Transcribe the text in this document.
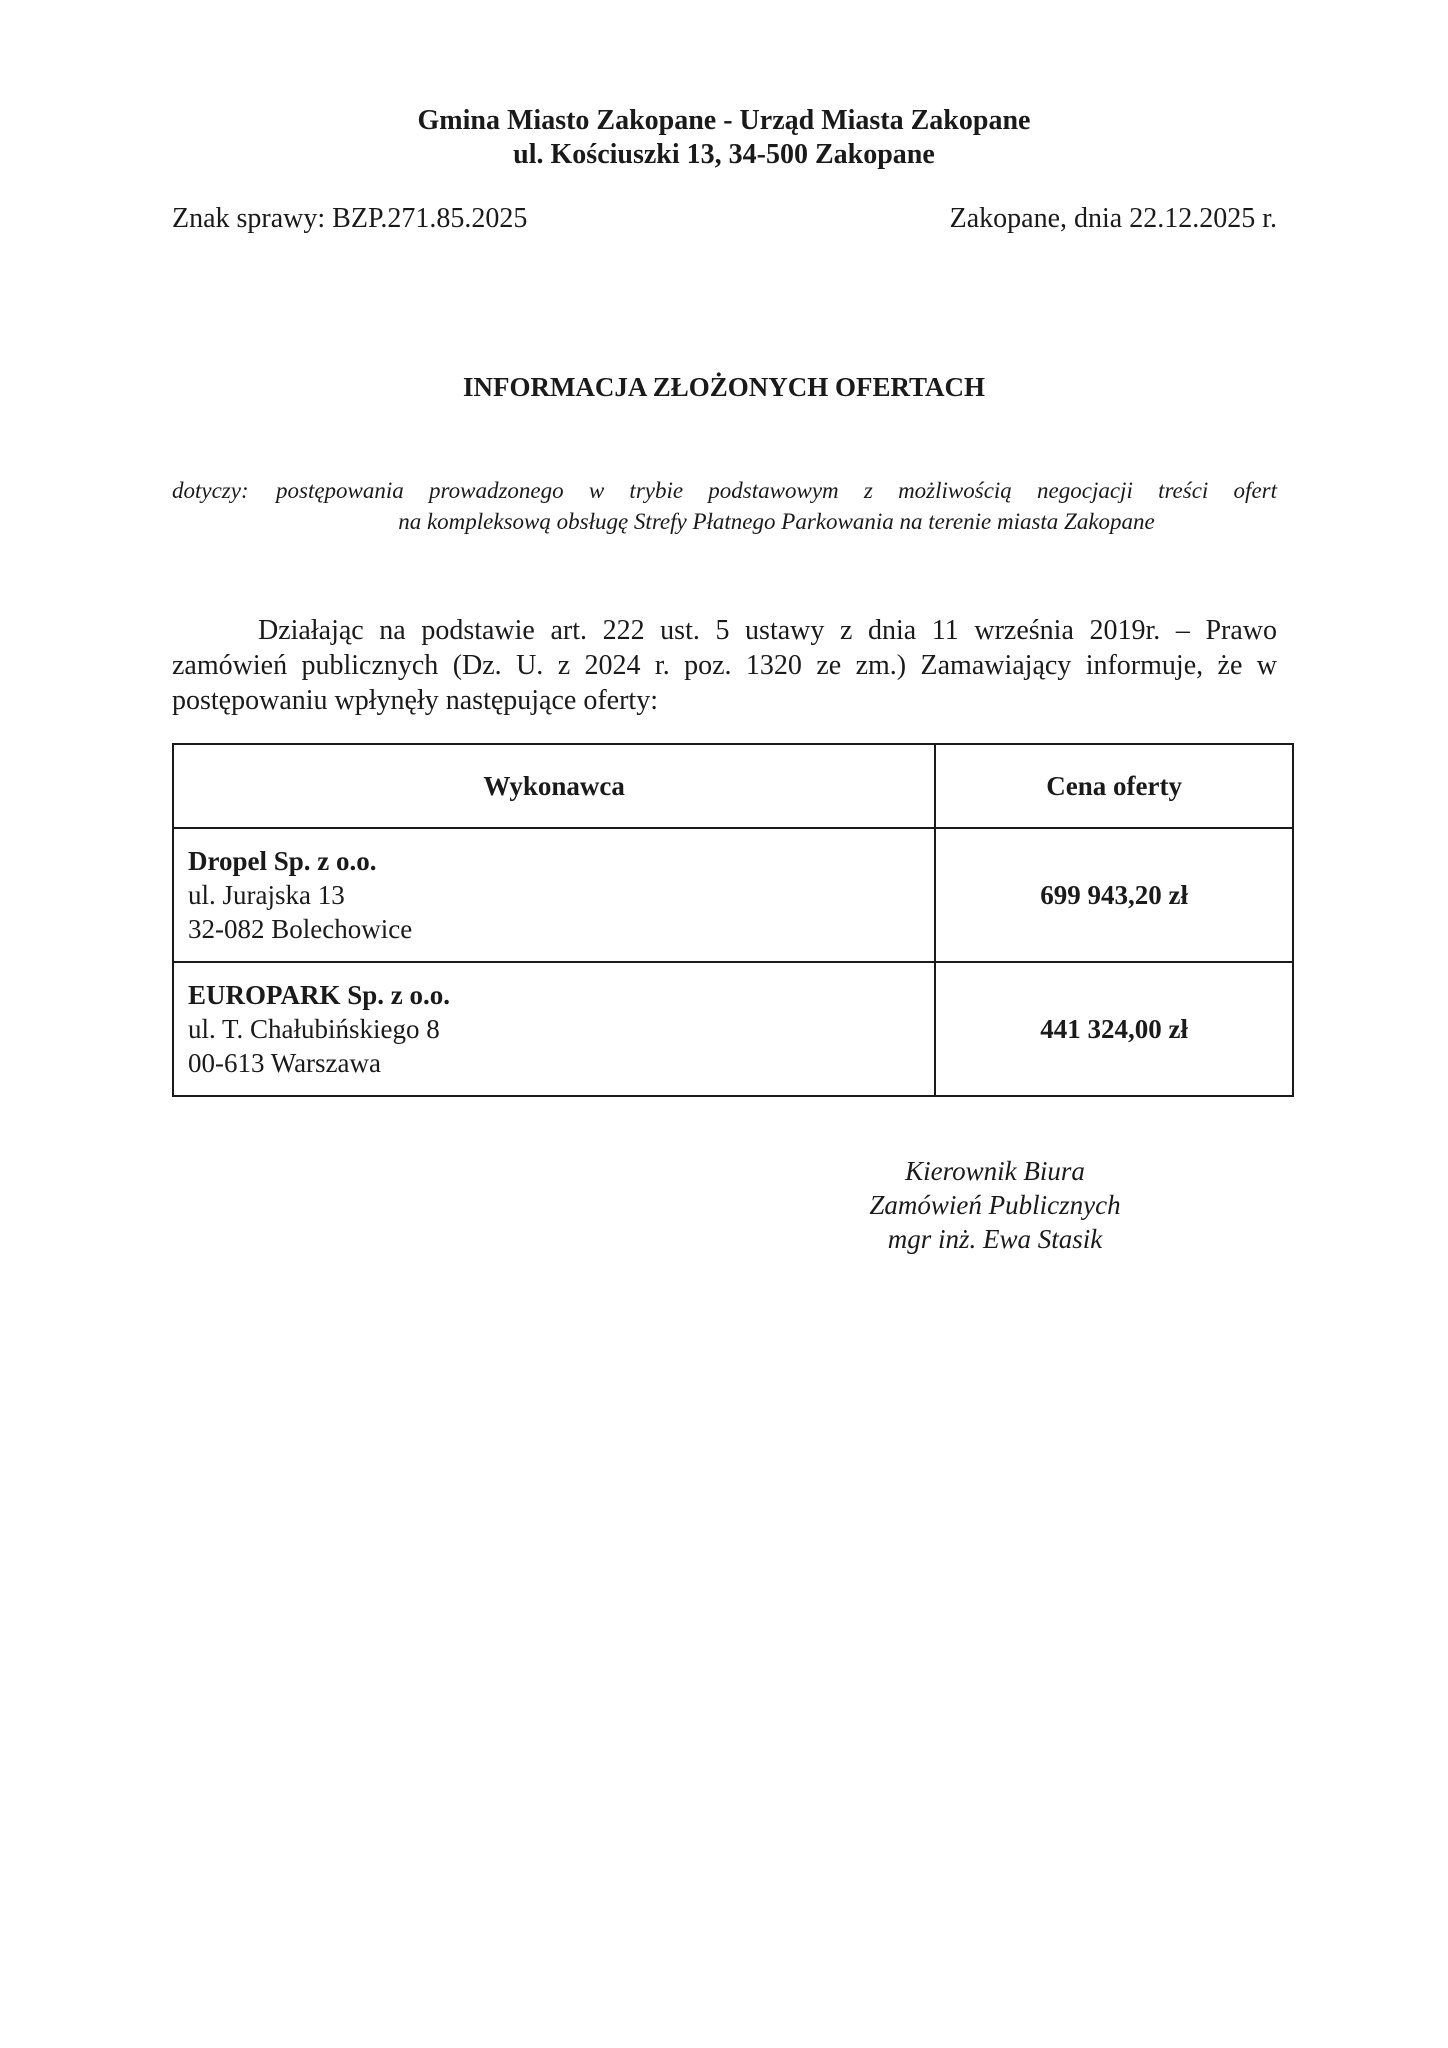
Gmina Miasto Zakopane - Urząd Miasta Zakopane
ul. Kościuszki 13, 34-500 Zakopane
Znak sprawy: BZP.271.85.2025	Zakopane, dnia 22.12.2025 r.
INFORMACJA ZŁOŻONYCH OFERTACH
dotyczy: postępowania prowadzonego w trybie podstawowym z możliwością negocjacji treści ofert
na kompleksową obsługę Strefy Płatnego Parkowania na terenie miasta Zakopane
Działając na podstawie art. 222 ust. 5 ustawy z dnia 11 września 2019r. – Prawo zamówień publicznych (Dz. U. z 2024 r. poz. 1320 ze zm.) Zamawiający informuje, że w postępowaniu wpłynęły następujące oferty:
Wykonawca	Cena oferty

Dropel Sp. z o.o.
ul. Jurajska 13
32-082 Bolechowice	699 943,20 zł

EUROPARK Sp. z o.o.
ul. T. Chałubińskiego 8
00-613 Warszawa	441 324,00 zł
Kierownik Biura
Zamówień Publicznych
mgr inż. Ewa Stasik
